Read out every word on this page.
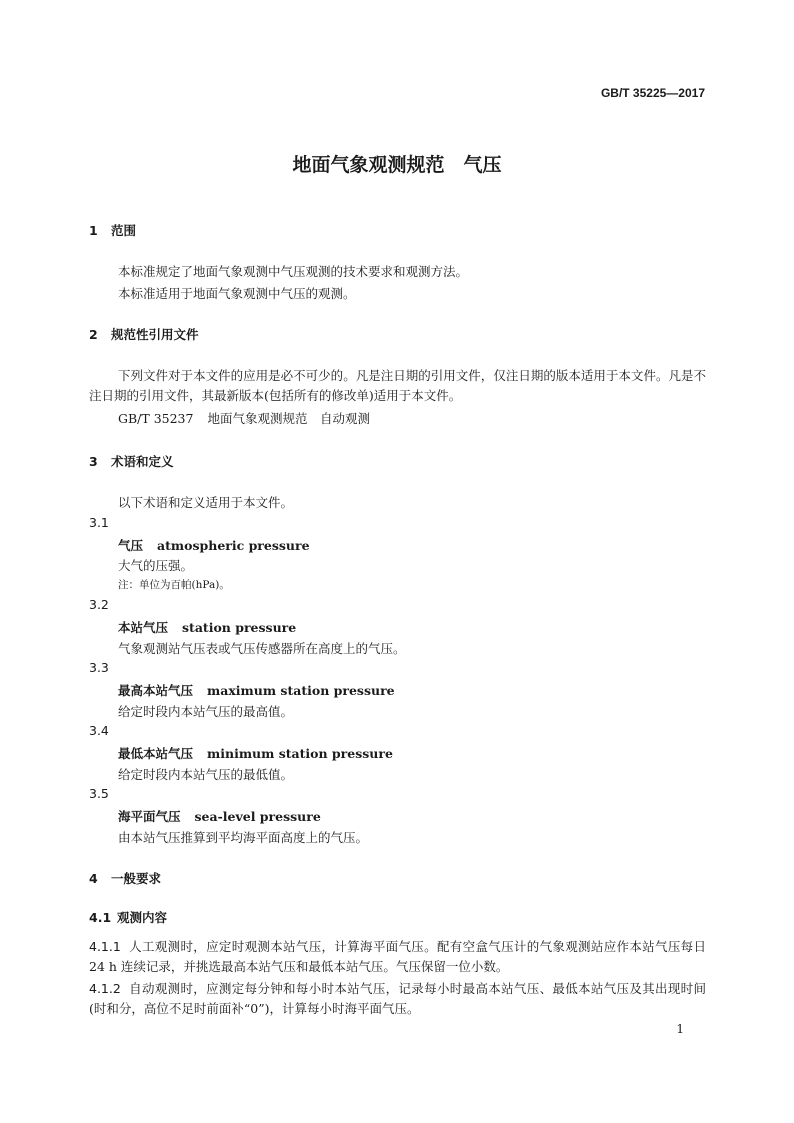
GB/T 35225—2017
地面气象观测规范　气压
1 范围
本标准规定了地面气象观测中气压观测的技术要求和观测方法。
本标准适用于地面气象观测中气压的观测。
2 规范性引用文件
下列文件对于本文件的应用是必不可少的。凡是注日期的引用文件，仅注日期的版本适用于本文件。凡是不注日期的引用文件，其最新版本(包括所有的修改单)适用于本文件。
GB/T 35237 地面气象观测规范　自动观测
3 术语和定义
以下术语和定义适用于本文件。
3.1
气压 atmospheric pressure
大气的压强。
注：单位为百帕(hPa)。
3.2
本站气压 station pressure
气象观测站气压表或气压传感器所在高度上的气压。
3.3
最高本站气压 maximum station pressure
给定时段内本站气压的最高值。
3.4
最低本站气压 minimum station pressure
给定时段内本站气压的最低值。
3.5
海平面气压 sea-level pressure
由本站气压推算到平均海平面高度上的气压。
4 一般要求
4.1 观测内容
4.1.1 人工观测时，应定时观测本站气压，计算海平面气压。配有空盒气压计的气象观测站应作本站气压每日 24 h 连续记录，并挑选最高本站气压和最低本站气压。气压保留一位小数。
4.1.2 自动观测时，应测定每分钟和每小时本站气压，记录每小时最高本站气压、最低本站气压及其出现时间(时和分，高位不足时前面补“0”)，计算每小时海平面气压。
1
